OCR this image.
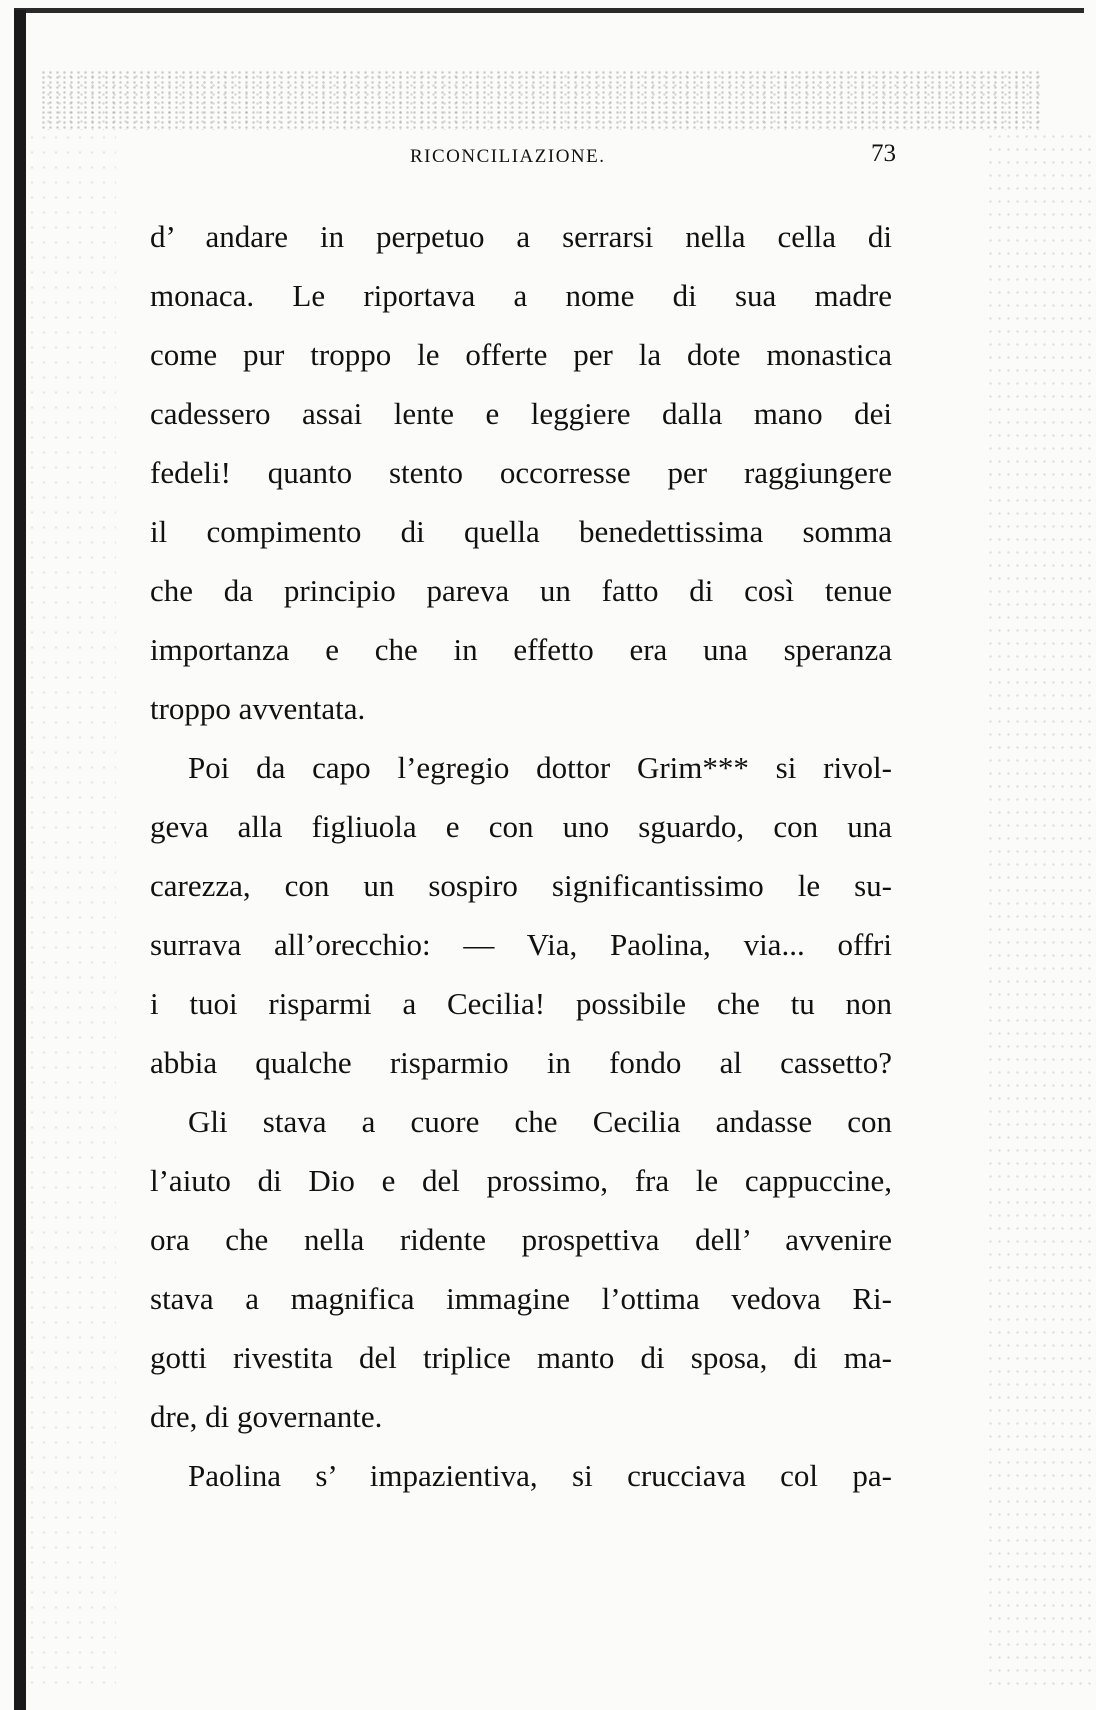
RICONCILIAZIONE.	73
d’ andare in perpetuo a serrarsi nella cella di
monaca. Le riportava a nome di sua madre
come pur troppo le offerte per la dote monastica
cadessero assai lente e leggiere dalla mano dei
fedeli! quanto stento occorresse per raggiungere
il compimento di quella benedettissima somma
che da principio pareva un fatto di così tenue
importanza e che in effetto era una speranza
troppo avventata.
Poi da capo l’egregio dottor Grim*** si rivol-
geva alla figliuola e con uno sguardo, con una
carezza, con un sospiro significantissimo le su-
surrava all’orecchio: — Via, Paolina, via... offri
i tuoi risparmi a Cecilia! possibile che tu non
abbia qualche risparmio in fondo al cassetto?
Gli stava a cuore che Cecilia andasse con
l’aiuto di Dio e del prossimo, fra le cappuccine,
ora che nella ridente prospettiva dell’ avvenire
stava a magnifica immagine l’ottima vedova Ri-
gotti rivestita del triplice manto di sposa, di ma-
dre, di governante.
Paolina s’ impazientiva, si crucciava col pa-
